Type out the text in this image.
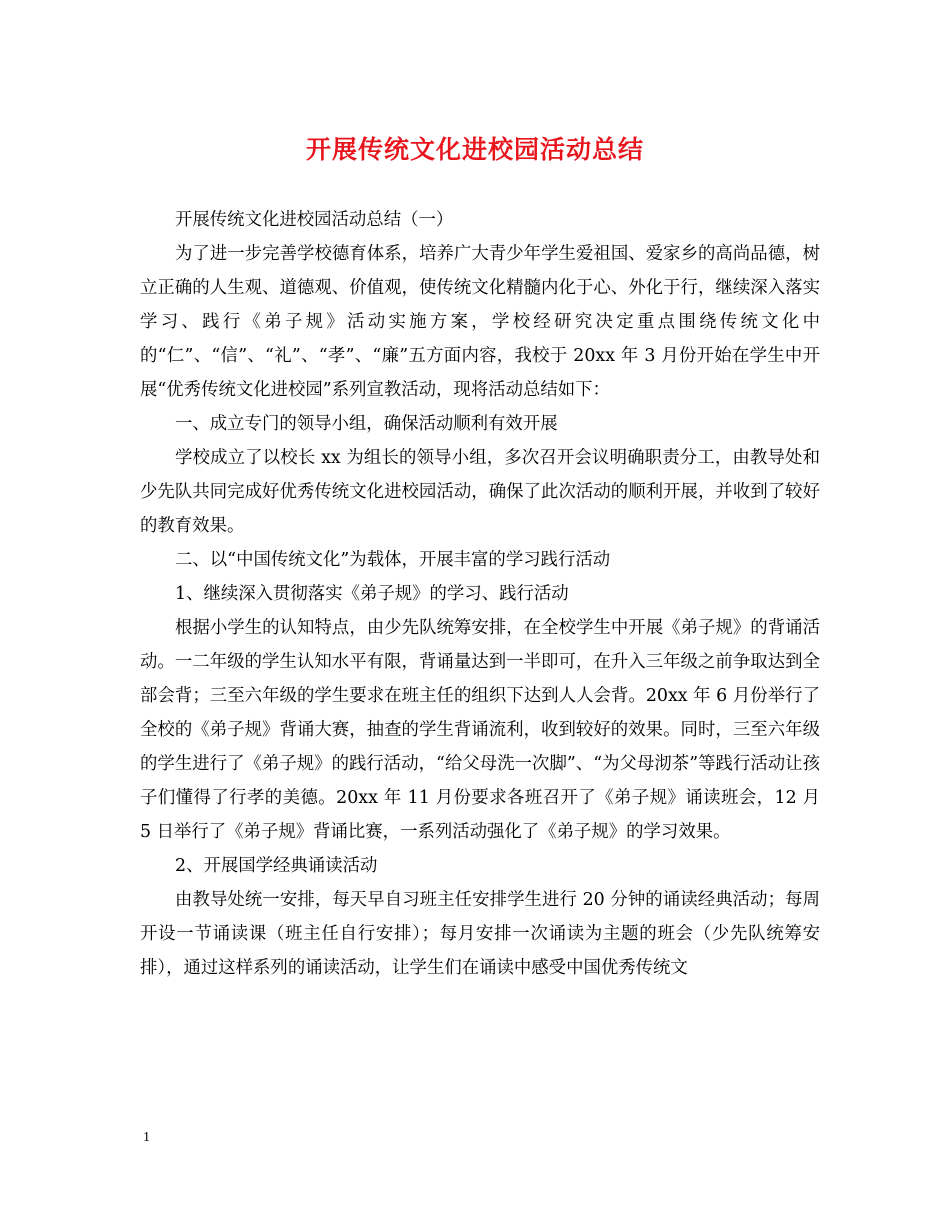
开展传统文化进校园活动总结

开展传统文化进校园活动总结（一）

为了进一步完善学校德育体系，培养广大青少年学生爱祖国、爱家乡的高尚品德，树立正确的人生观、道德观、价值观，使传统文化精髓内化于心、外化于行，继续深入落实学习、践行《弟子规》活动实施方案，学校经研究决定重点围绕传统文化中的“仁”、“信”、“礼”、“孝”、“廉”五方面内容，我校于 20xx 年 3 月份开始在学生中开展“优秀传统文化进校园”系列宣教活动，现将活动总结如下：

一、成立专门的领导小组，确保活动顺利有效开展

学校成立了以校长 xx 为组长的领导小组，多次召开会议明确职责分工，由教导处和少先队共同完成好优秀传统文化进校园活动，确保了此次活动的顺利开展，并收到了较好的教育效果。

二、以“中国传统文化”为载体，开展丰富的学习践行活动

1、继续深入贯彻落实《弟子规》的学习、践行活动

根据小学生的认知特点，由少先队统筹安排，在全校学生中开展《弟子规》的背诵活动。一二年级的学生认知水平有限，背诵量达到一半即可，在升入三年级之前争取达到全部会背；三至六年级的学生要求在班主任的组织下达到人人会背。20xx 年 6 月份举行了全校的《弟子规》背诵大赛，抽查的学生背诵流利，收到较好的效果。同时，三至六年级的学生进行了《弟子规》的践行活动，“给父母洗一次脚”、“为父母沏茶”等践行活动让孩子们懂得了行孝的美德。20xx 年 11 月份要求各班召开了《弟子规》诵读班会，12 月 5 日举行了《弟子规》背诵比赛，一系列活动强化了《弟子规》的学习效果。

2、开展国学经典诵读活动

由教导处统一安排，每天早自习班主任安排学生进行 20 分钟的诵读经典活动；每周开设一节诵读课（班主任自行安排）；每月安排一次诵读为主题的班会（少先队统筹安排），通过这样系列的诵读活动，让学生们在诵读中感受中国优秀传统文

1
